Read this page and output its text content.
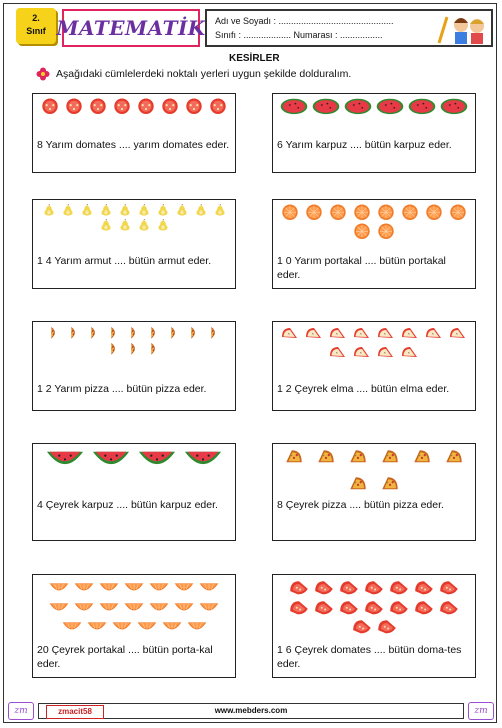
2.
Sınıf MATEMATİK Adı ve Soyadı : ..............................................
Sınıfı : ................... Numarası : .................
KESİRLER
Aşağıdaki cümlelerdeki noktalı yerleri uygun şekilde dolduralım.
8 Yarım domates .... yarım domates eder.	6 Yarım karpuz .... bütün karpuz eder.
1 4 Yarım armut .... bütün armut eder.	1 0 Yarım portakal .... bütün portakal eder.
1 2 Yarım pizza .... bütün pizza eder.	1 2 Çeyrek elma .... bütün elma eder.
4 Çeyrek karpuz .... bütün karpuz eder.	8 Çeyrek pizza .... bütün pizza eder.
20 Çeyrek portakal .... bütün porta-kal eder.
1 6 Çeyrek domates .... bütün doma-tes eder.
zm	zmacit58	www.mebders.com	zm
